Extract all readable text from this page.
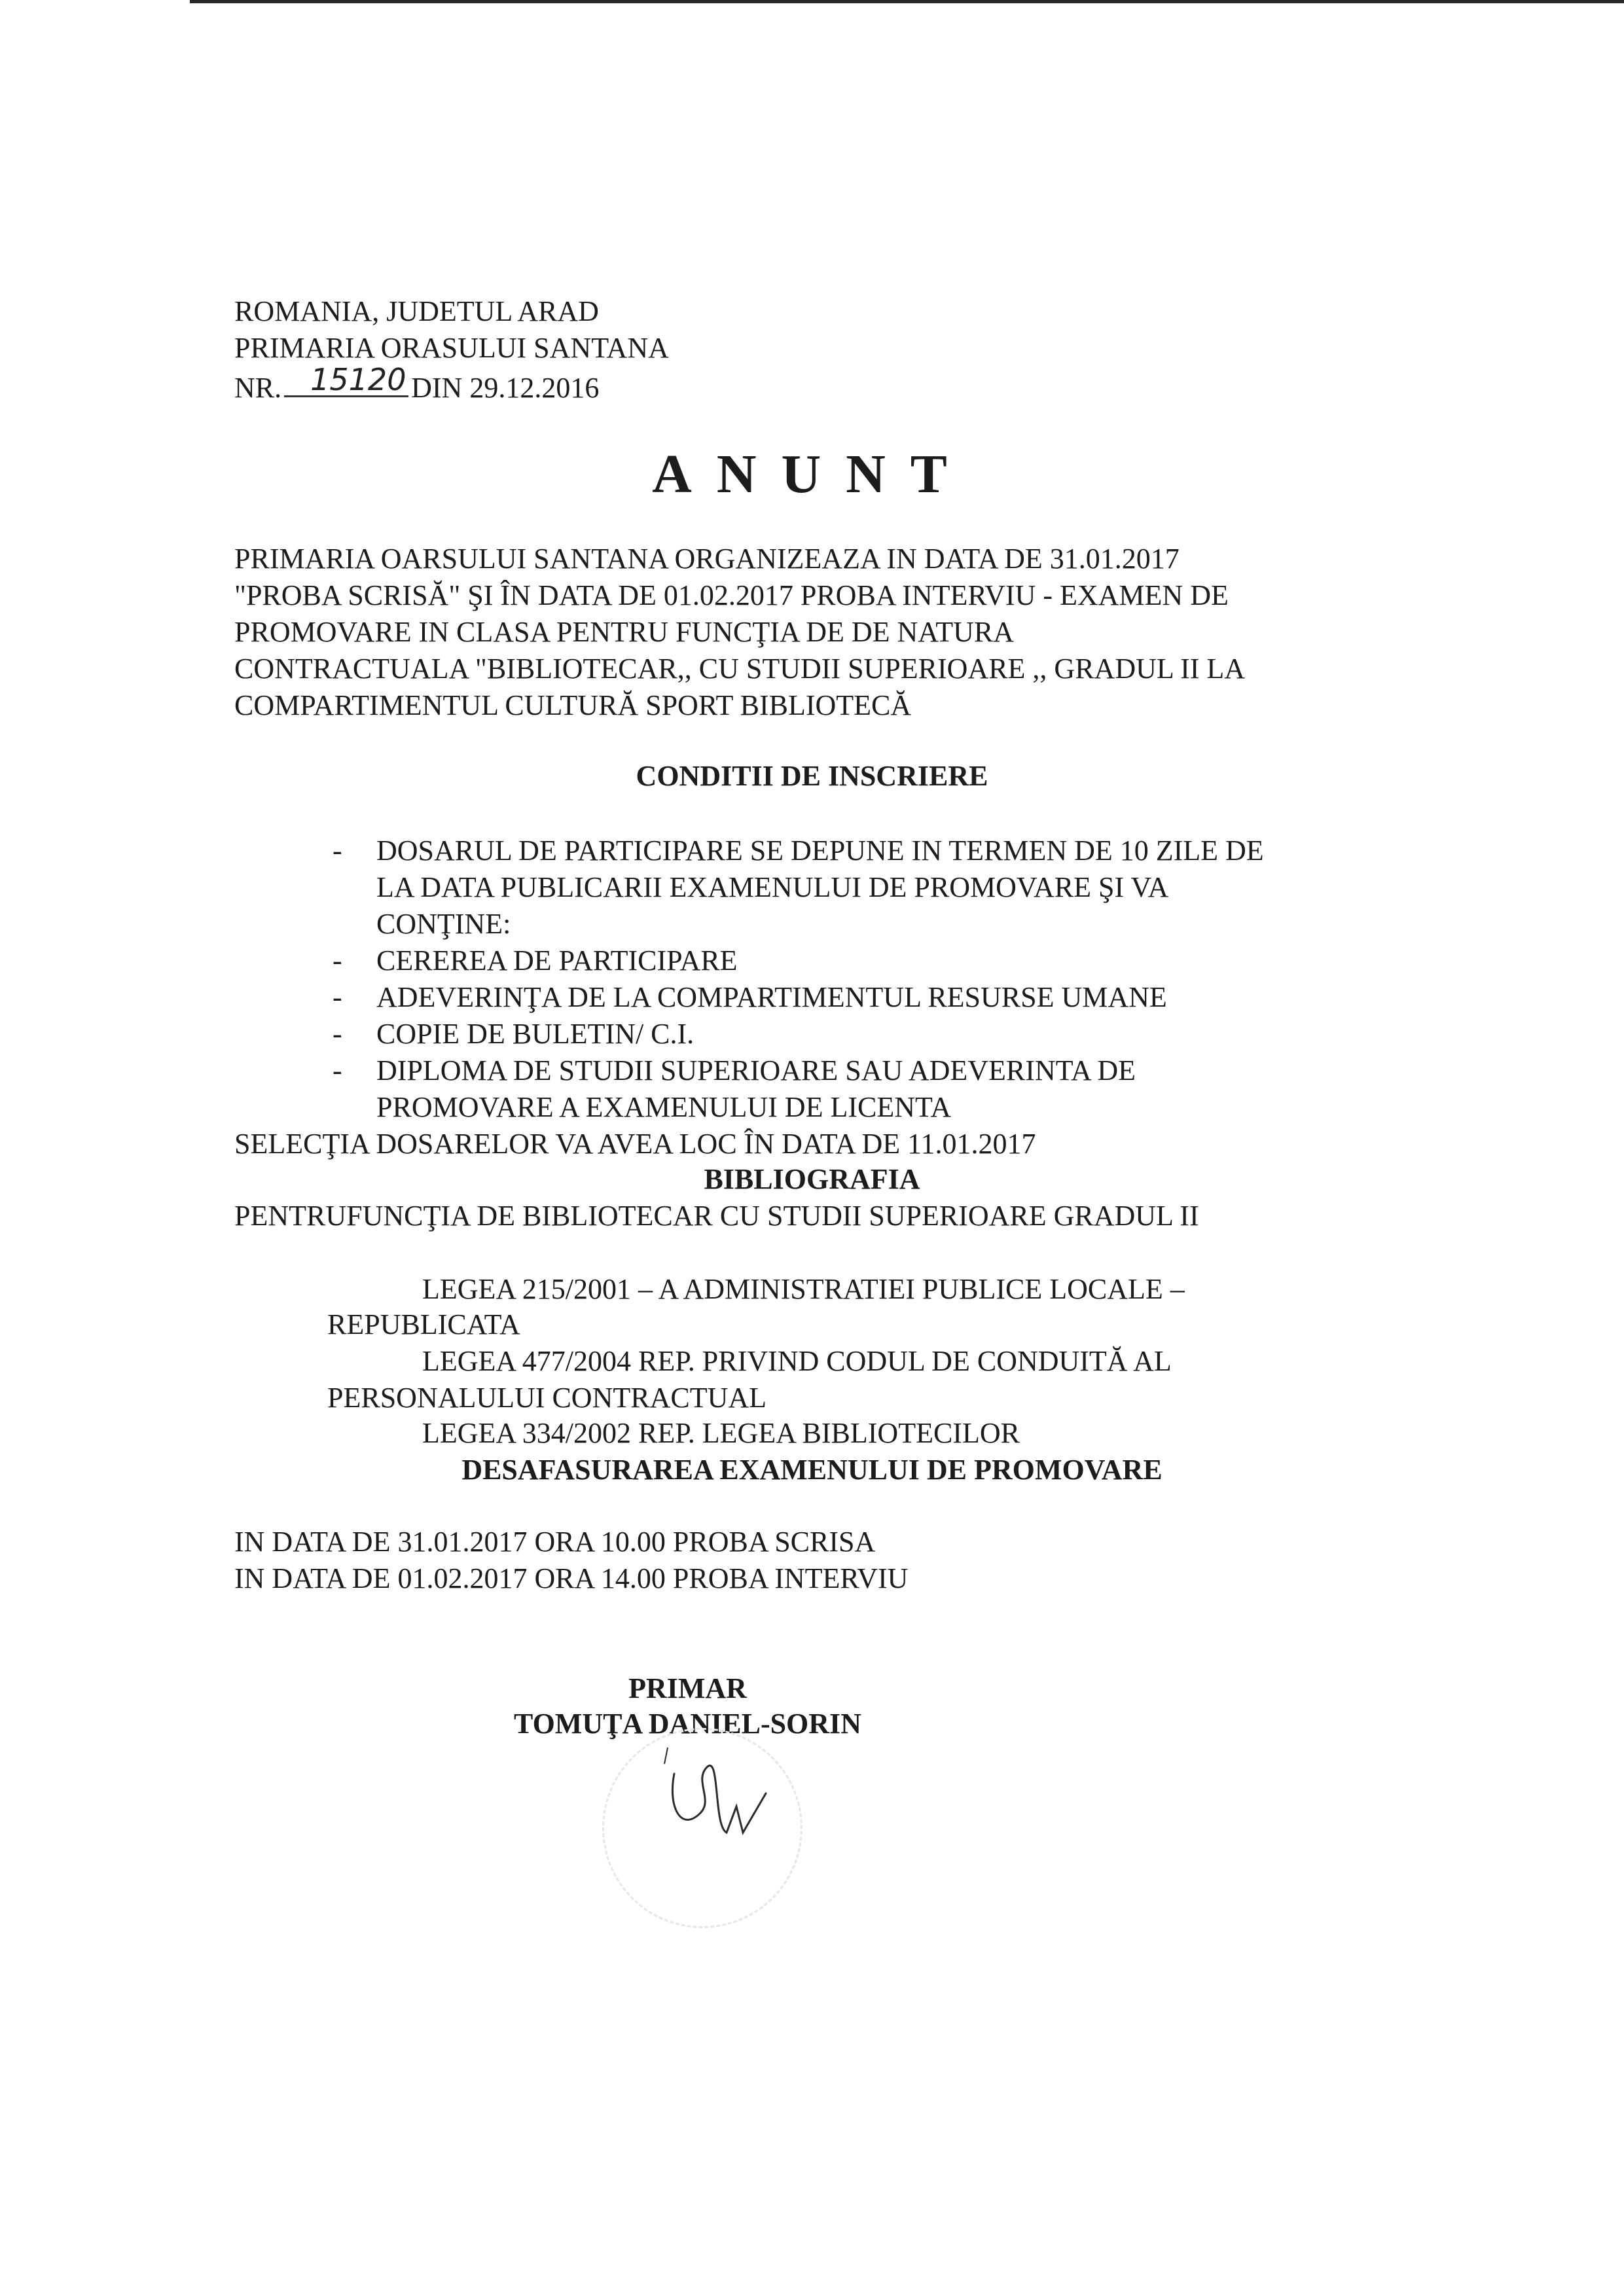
ROMANIA, JUDETUL ARAD

PRIMARIA ORASULUI SANTANA

NR. 15120 DIN 29.12.2016

ANUNT

PRIMARIA OARSULUI SANTANA ORGANIZEAZA IN DATA DE 31.01.2017

"PROBA SCRISĂ" ŞI ÎN DATA DE 01.02.2017 PROBA INTERVIU - EXAMEN DE

PROMOVARE IN CLASA PENTRU FUNCŢIA DE DE NATURA

CONTRACTUALA "BIBLIOTECAR,, CU STUDII SUPERIOARE ,, GRADUL II LA

COMPARTIMENTUL CULTURĂ SPORT BIBLIOTECĂ

CONDITII DE INSCRIERE

- DOSARUL DE PARTICIPARE SE DEPUNE IN TERMEN DE 10 ZILE DE

LA DATA PUBLICARII EXAMENULUI DE PROMOVARE ŞI VA

CONŢINE:

- CEREREA DE PARTICIPARE

- ADEVERINŢA DE LA COMPARTIMENTUL RESURSE UMANE

- COPIE DE BULETIN/ C.I.

- DIPLOMA DE STUDII SUPERIOARE SAU ADEVERINTA DE

PROMOVARE A EXAMENULUI DE LICENTA

SELECŢIA DOSARELOR VA AVEA LOC ÎN DATA DE 11.01.2017

BIBLIOGRAFIA

PENTRUFUNCŢIA DE BIBLIOTECAR CU STUDII SUPERIOARE GRADUL II

LEGEA 215/2001 – A ADMINISTRATIEI PUBLICE LOCALE –

REPUBLICATA

LEGEA 477/2004 REP. PRIVIND CODUL DE CONDUITĂ AL

PERSONALULUI CONTRACTUAL

LEGEA 334/2002 REP. LEGEA BIBLIOTECILOR

DESAFASURAREA EXAMENULUI DE PROMOVARE

IN DATA DE 31.01.2017 ORA 10.00 PROBA SCRISA

IN DATA DE 01.02.2017 ORA 14.00 PROBA INTERVIU

PRIMAR

TOMUŢA DANIEL-SORIN
